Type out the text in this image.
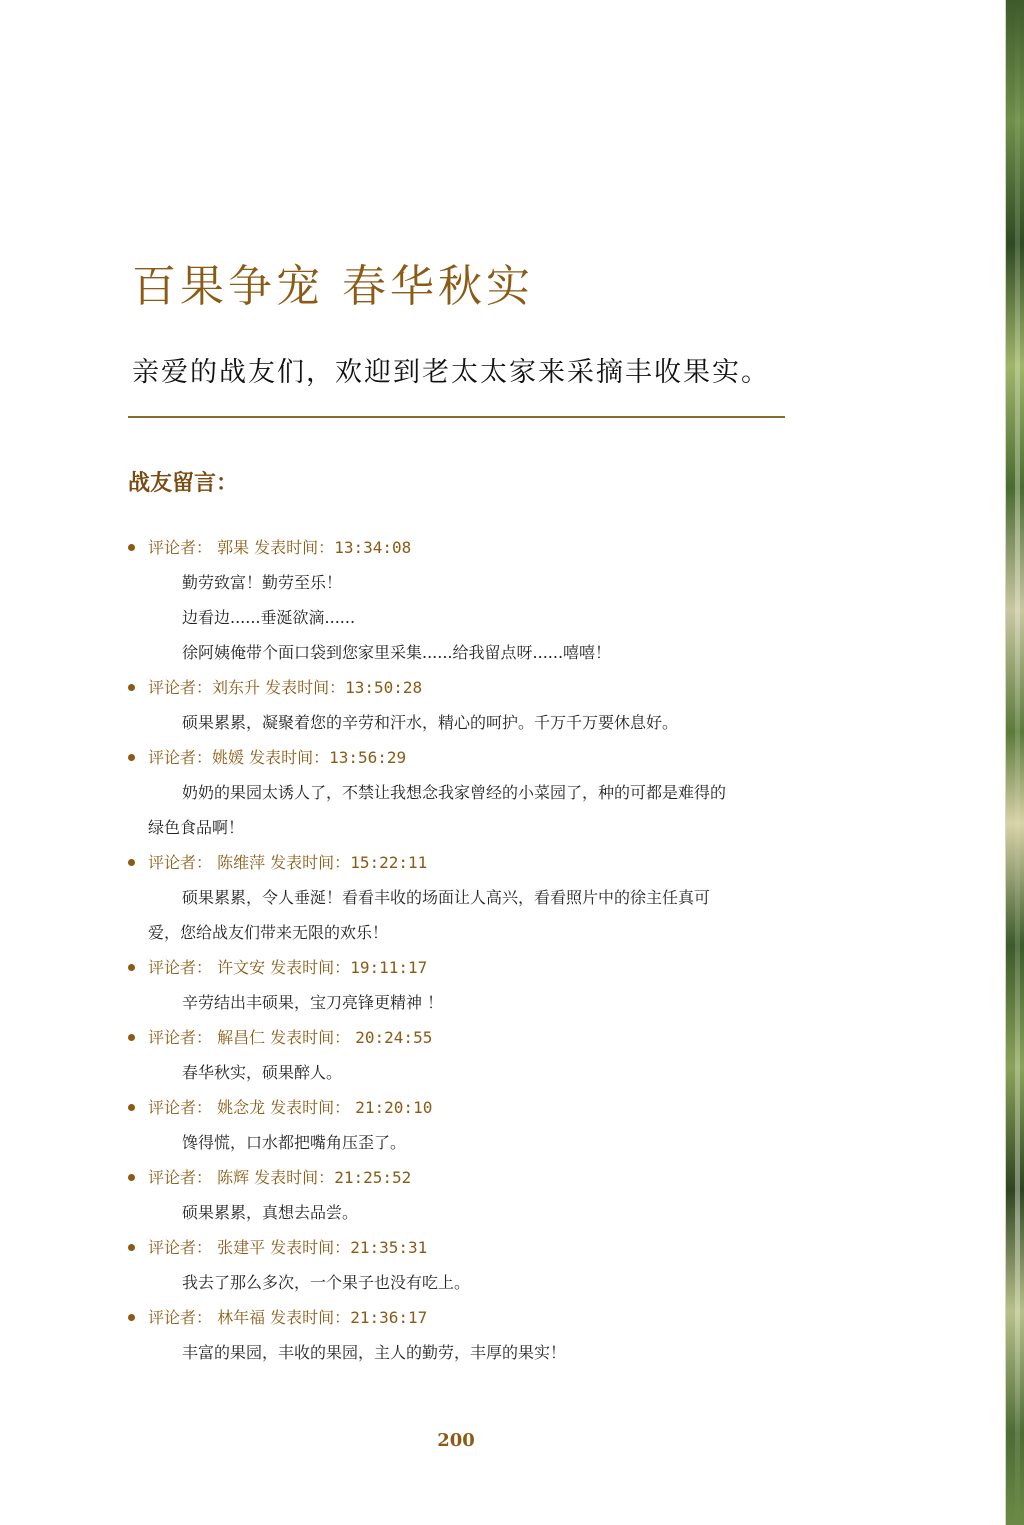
百果争宠 春华秋实
亲爱的战友们，欢迎到老太太家来采摘丰收果实。
战友留言：
评论者： 郭果 发表时间：13:34:08
勤劳致富！勤劳至乐！
边看边......垂涎欲滴......
徐阿姨俺带个面口袋到您家里采集......给我留点呀......嘻嘻！
评论者：刘东升 发表时间：13:50:28
硕果累累，凝聚着您的辛劳和汗水，精心的呵护。千万千万要休息好。
评论者：姚媛 发表时间：13:56:29
奶奶的果园太诱人了，不禁让我想念我家曾经的小菜园了，种的可都是难得的
绿色食品啊！
评论者： 陈维萍 发表时间：15:22:11
硕果累累，令人垂涎！看看丰收的场面让人高兴，看看照片中的徐主任真可
爱，您给战友们带来无限的欢乐！
评论者： 许文安 发表时间：19:11:17
辛劳结出丰硕果，宝刀亮锋更精神 ！
评论者： 解昌仁 发表时间： 20:24:55
春华秋实，硕果醉人。
评论者： 姚念龙 发表时间： 21:20:10
馋得慌，口水都把嘴角压歪了。
评论者： 陈辉 发表时间：21:25:52
硕果累累，真想去品尝。
评论者： 张建平 发表时间：21:35:31
我去了那么多次，一个果子也没有吃上。
评论者： 林年福 发表时间：21:36:17
丰富的果园，丰收的果园，主人的勤劳，丰厚的果实！
200
